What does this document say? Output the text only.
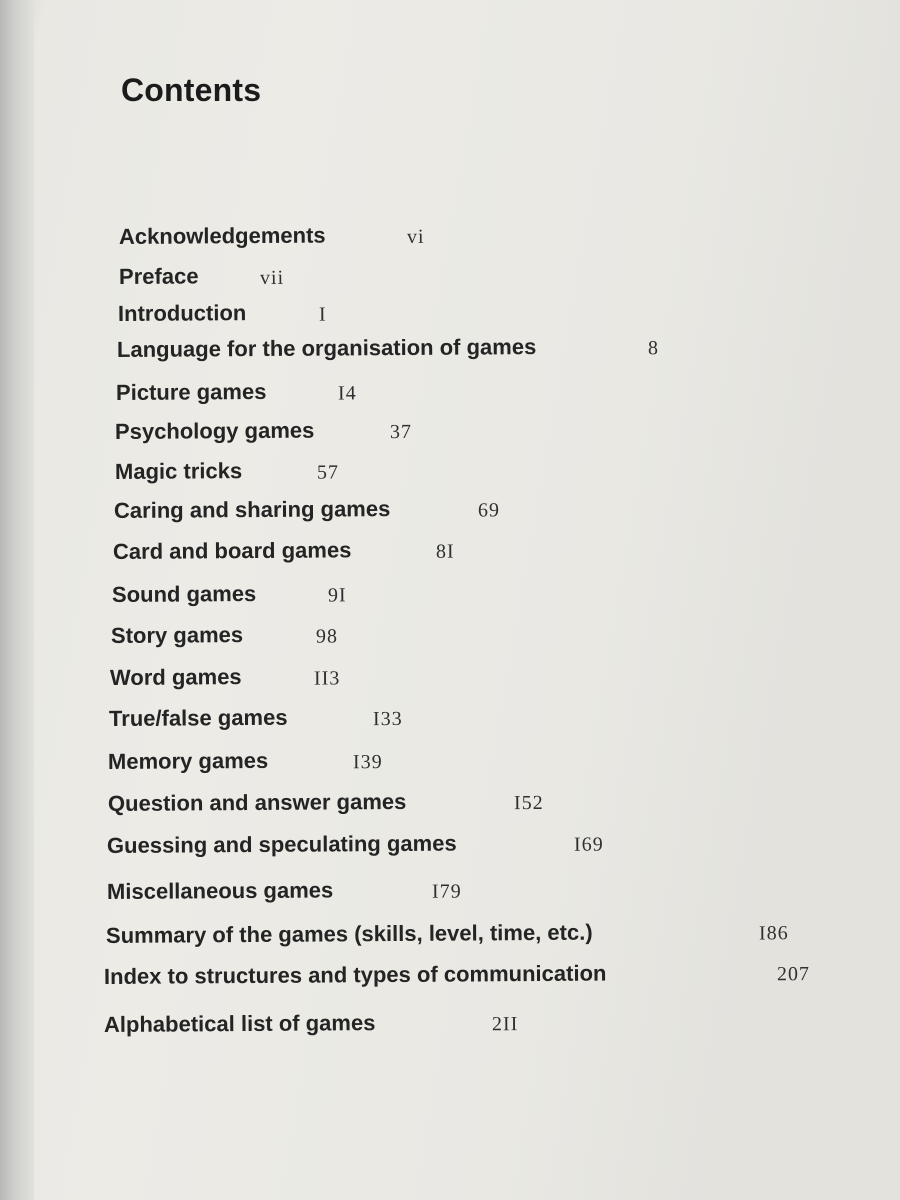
Contents
Acknowledgements	vi
Preface	vii
Introduction	I
Language for the organisation of games	8
Picture games	I4
Psychology games	37
Magic tricks	57
Caring and sharing games	69
Card and board games	8I
Sound games	9I
Story games	98
Word games	II3
True/false games	I33
Memory games	I39
Question and answer games	I52
Guessing and speculating games	I69
Miscellaneous games	I79
Summary of the games (skills, level, time, etc.)	I86
Index to structures and types of communication	207
Alphabetical list of games	2II
